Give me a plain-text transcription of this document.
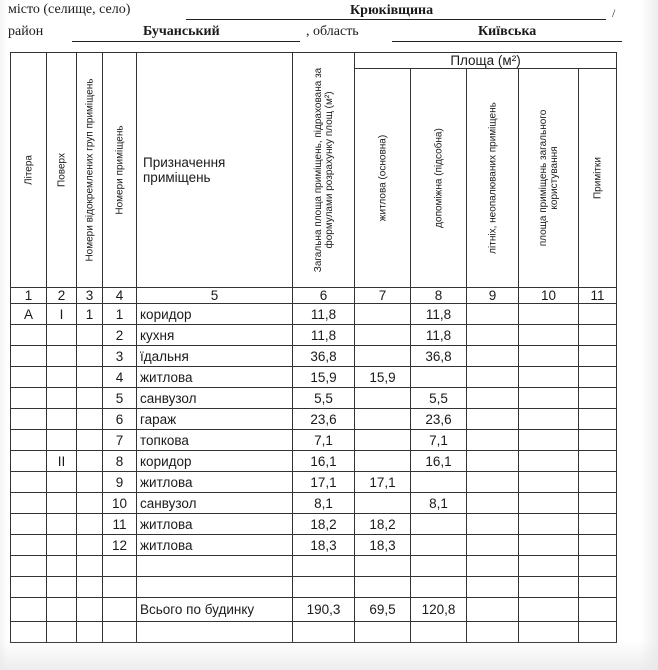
місто (селище, село)	Крюківщина	/
район	Бучанський	, область	Київська
Літера	Поверх	Номери відокремлених груп приміщень	Номери приміщень	Призначення приміщень	Загальна площа приміщень, підрахована за формулами розрахунку площ (м²)	Площа (м²)				

						житлова (основна)	допоміжна (підсобна)	літніх, неопалюваних приміщень	площа приміщень загального користування	Примітки

1	2	3	4	5	6	7	8	9	10	11
А	І	1	1	коридор	11,8		11,8			
			2	кухня	11,8		11,8			
			3	їдальня	36,8		36,8			
			4	житлова	15,9	15,9				
			5	санвузол	5,5		5,5			
			6	гараж	23,6		23,6			
			7	топкова	7,1		7,1			
	ІІ		8	коридор	16,1		16,1			
			9	житлова	17,1	17,1				
			10	санвузол	8,1		8,1			
			11	житлова	18,2	18,2				
			12	житлова	18,3	18,3				

				Всього по будинку	190,3	69,5	120,8			
